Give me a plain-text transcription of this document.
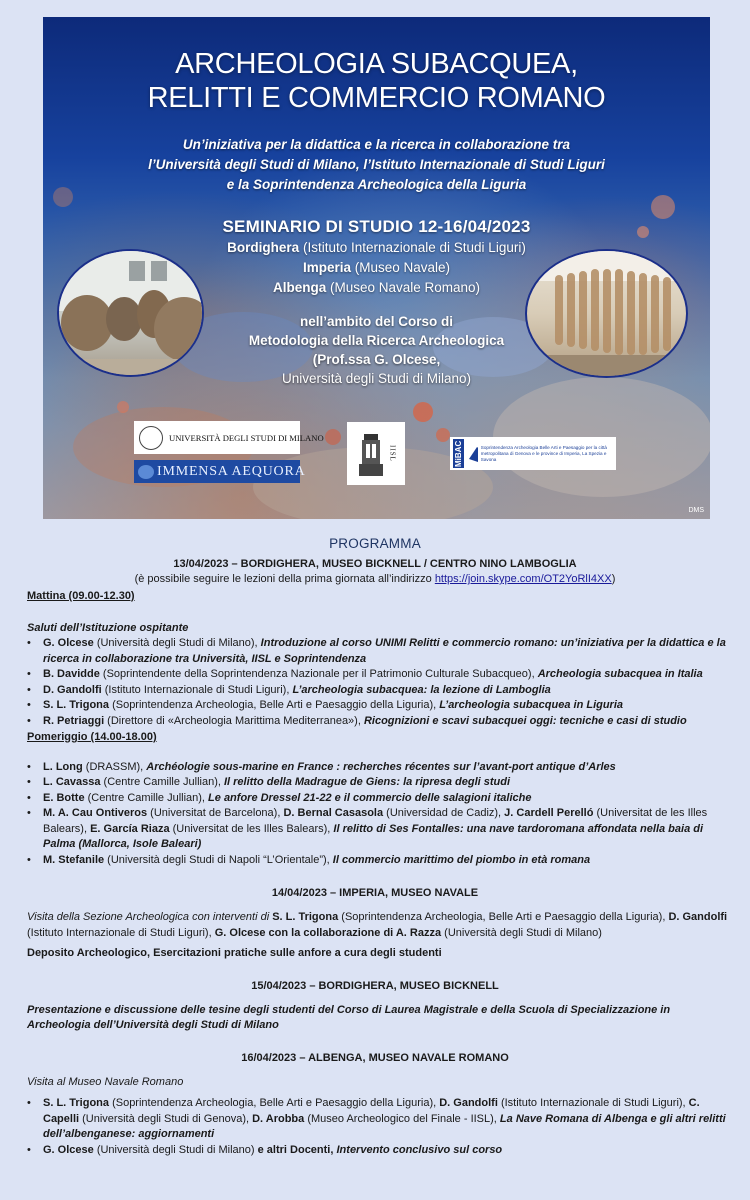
ARCHEOLOGIA SUBACQUEA,
RELITTI E COMMERCIO ROMANO
Un’iniziativa per la didattica e la ricerca in collaborazione tra
l’Università degli Studi di Milano, l’Istituto Internazionale di Studi Liguri
e la Soprintendenza Archeologica della Liguria
SEMINARIO DI STUDIO 12-16/04/2023
Bordighera (Istituto Internazionale di Studi Liguri)
Imperia (Museo Navale)
Albenga (Museo Navale Romano)
nell’ambito del Corso di
Metodologia della Ricerca Archeologica
(Prof.ssa G. Olcese,
Università degli Studi di Milano)
UNIVERSITÀ DEGLI STUDI DI MILANO
IMMENSA AEQUORA
IISL	MiBAC	Soprintendenza Archeologia Belle Arti e Paesaggio per la città metropolitana di Genova e le province di Imperia, La Spezia e Savona
DMS
PROGRAMMA
13/04/2023 – BORDIGHERA, MUSEO BICKNELL / CENTRO NINO LAMBOGLIA
(è possibile seguire le lezioni della prima giornata all’indirizzo https://join.skype.com/OT2YoRlI4XX)
Mattina (09.00-12.30)
Saluti dell’Istituzione ospitante
• G. Olcese (Università degli Studi di Milano), Introduzione al corso UNIMI Relitti e commercio romano: un’iniziativa per la didattica e la ricerca in collaborazione tra Università, IISL e Soprintendenza
• B. Davidde (Soprintendente della Soprintendenza Nazionale per il Patrimonio Culturale Subacqueo), Archeologia subacquea in Italia
• D. Gandolfi (Istituto Internazionale di Studi Liguri), L’archeologia subacquea: la lezione di Lamboglia
• S. L. Trigona (Soprintendenza Archeologia, Belle Arti e Paesaggio della Liguria), L’archeologia subacquea in Liguria
• R. Petriaggi (Direttore di «Archeologia Marittima Mediterranea»), Ricognizioni e scavi subacquei oggi: tecniche e casi di studio
Pomeriggio (14.00-18.00)
• L. Long (DRASSM), Archéologie sous-marine en France : recherches récentes sur l’avant-port antique d’Arles
• L. Cavassa (Centre Camille Jullian), Il relitto della Madrague de Giens: la ripresa degli studi
• E. Botte (Centre Camille Jullian), Le anfore Dressel 21-22 e il commercio delle salagioni italiche
• M. A. Cau Ontiveros (Universitat de Barcelona), D. Bernal Casasola (Universidad de Cadiz), J. Cardell Perelló (Universitat de les Illes Balears), E. García Riaza (Universitat de les Illes Balears), Il relitto di Ses Fontalles: una nave tardoromana affondata nella baia di Palma (Mallorca, Isole Baleari)
• M. Stefanile (Università degli Studi di Napoli “L’Orientale”), Il commercio marittimo del piombo in età romana
14/04/2023 – IMPERIA, MUSEO NAVALE
Visita della Sezione Archeologica con interventi di S. L. Trigona (Soprintendenza Archeologia, Belle Arti e Paesaggio della Liguria), D. Gandolfi (Istituto Internazionale di Studi Liguri), G. Olcese con la collaborazione di A. Razza (Università degli Studi di Milano)
Deposito Archeologico, Esercitazioni pratiche sulle anfore a cura degli studenti
15/04/2023 – BORDIGHERA, MUSEO BICKNELL
Presentazione e discussione delle tesine degli studenti del Corso di Laurea Magistrale e della Scuola di Specializzazione in Archeologia dell’Università degli Studi di Milano
16/04/2023 – ALBENGA, MUSEO NAVALE ROMANO
Visita al Museo Navale Romano
• S. L. Trigona (Soprintendenza Archeologia, Belle Arti e Paesaggio della Liguria), D. Gandolfi (Istituto Internazionale di Studi Liguri), C. Capelli (Università degli Studi di Genova), D. Arobba (Museo Archeologico del Finale - IISL), La Nave Romana di Albenga e gli altri relitti dell’albenganese: aggiornamenti
• G. Olcese (Università degli Studi di Milano) e altri Docenti, Intervento conclusivo sul corso
